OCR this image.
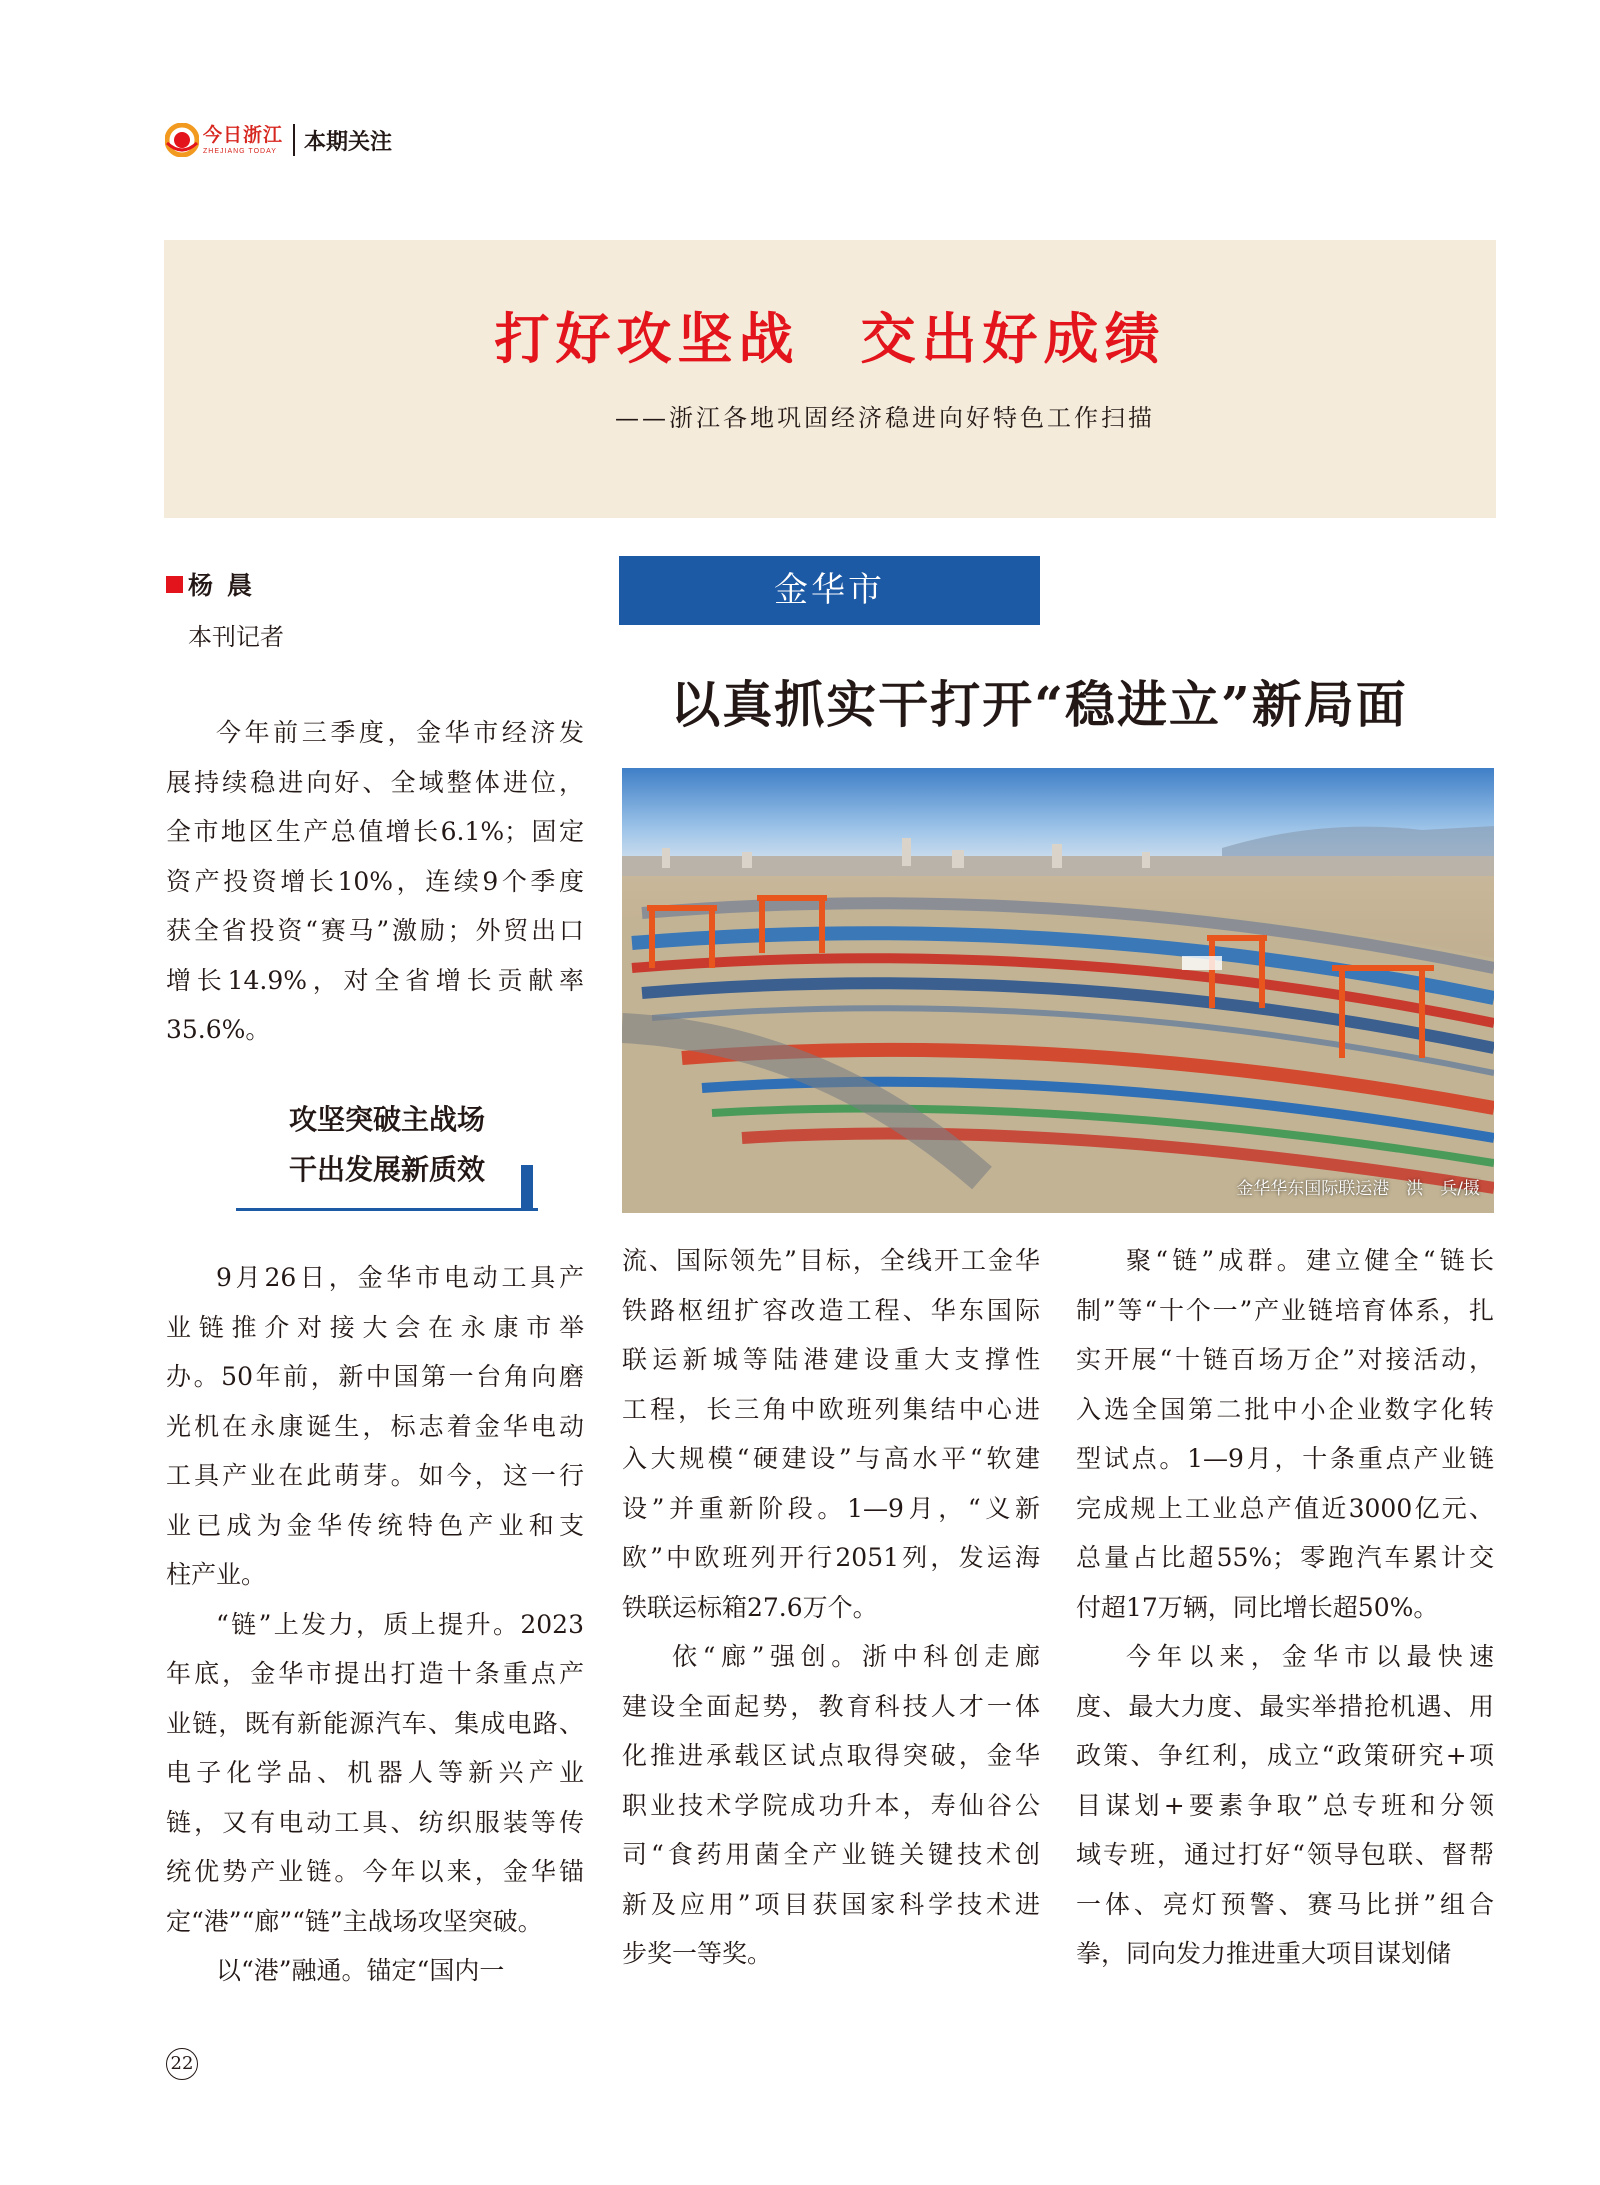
今日浙江
ZHEJIANG TODAY 本期关注
打好攻坚战　交出好成绩
——浙江各地巩固经济稳进向好特色工作扫描
杨晨
本刊记者
金华市
以真抓实干打开“稳进立”新局面
金华华东国际联运港　洪　兵/摄

今年前三季度，金华市经济发

展持续稳进向好、全域整体进位，

全市地区生产总值增长6.1%；固定

资产投资增长10%，连续9个季度

获全省投资“赛马”激励；外贸出口

增长14.9%，对全省增长贡献率

35.6%。

攻坚突破主战场
干出发展新质效

9月26日，金华市电动工具产

业链推介对接大会在永康市举

办。50年前，新中国第一台角向磨

光机在永康诞生，标志着金华电动

工具产业在此萌芽。如今，这一行

业已成为金华传统特色产业和支

柱产业。

“链”上发力，质上提升。2023

年底，金华市提出打造十条重点产

业链，既有新能源汽车、集成电路、

电子化学品、机器人等新兴产业

链，又有电动工具、纺织服装等传

统优势产业链。今年以来，金华锚

定“港”“廊”“链”主战场攻坚突破。

以“港”融通。锚定“国内一

流、国际领先”目标，全线开工金华

铁路枢纽扩容改造工程、华东国际

联运新城等陆港建设重大支撑性

工程，长三角中欧班列集结中心进

入大规模“硬建设”与高水平“软建

设”并重新阶段。1—9月，“义新

欧”中欧班列开行2051列，发运海

铁联运标箱27.6万个。

依“廊”强创。浙中科创走廊

建设全面起势，教育科技人才一体

化推进承载区试点取得突破，金华

职业技术学院成功升本，寿仙谷公

司“食药用菌全产业链关键技术创

新及应用”项目获国家科学技术进

步奖一等奖。

聚“链”成群。建立健全“链长

制”等“十个一”产业链培育体系，扎

实开展“十链百场万企”对接活动，

入选全国第二批中小企业数字化转

型试点。1—9月，十条重点产业链

完成规上工业总产值近3000亿元、

总量占比超55%；零跑汽车累计交

付超17万辆，同比增长超50%。

今年以来，金华市以最快速

度、最大力度、最实举措抢机遇、用

政策、争红利，成立“政策研究+项

目谋划+要素争取”总专班和分领

域专班，通过打好“领导包联、督帮

一体、亮灯预警、赛马比拼”组合

拳，同向发力推进重大项目谋划储

22
